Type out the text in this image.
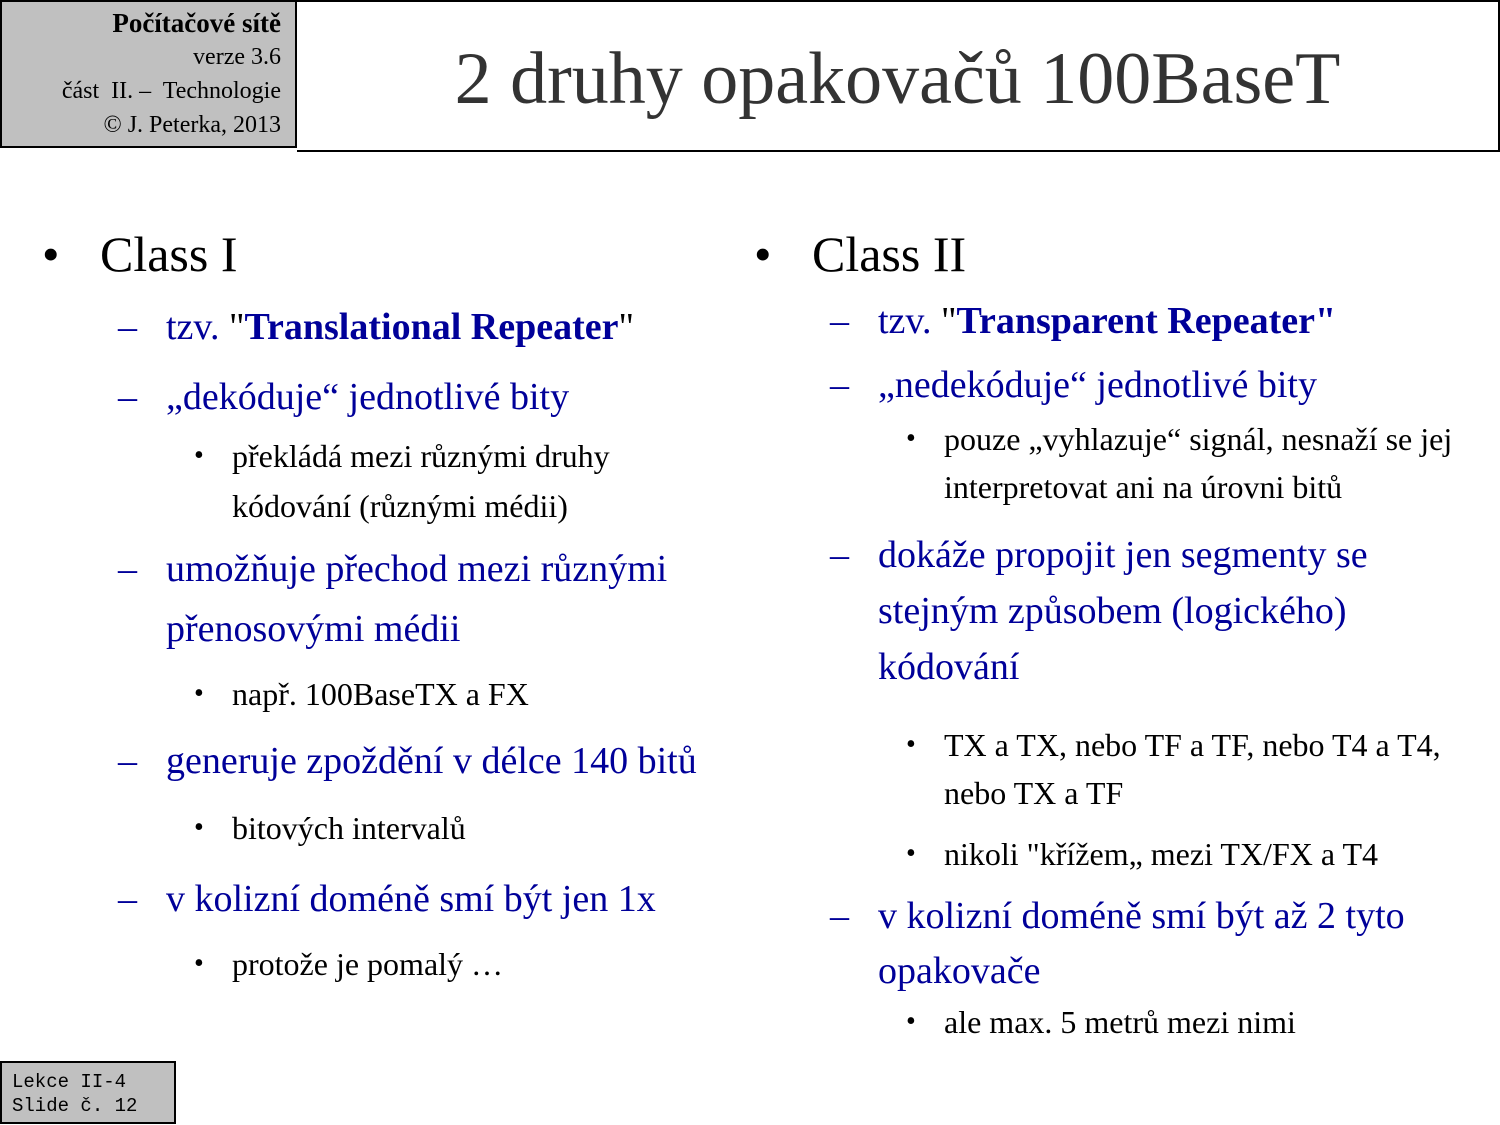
Počítačové sítě
verze 3.6
část  II. –  Technologie
© J. Peterka, 2013
2 druhy opakovačů 100BaseT
• Class I
– tzv. "Translational Repeater"
– „dekóduje“ jednotlivé bity
• překládá mezi různými druhy kódování (různými médii)
– umožňuje přechod mezi různými přenosovými médii
• např. 100BaseTX a FX
– generuje zpoždění v délce 140 bitů
• bitových intervalů
– v kolizní doméně smí být jen 1x
• protože je pomalý …
• Class II
– tzv. "Transparent Repeater"
– „nedekóduje“ jednotlivé bity
• pouze „vyhlazuje“ signál, nesnaží se jej interpretovat ani na úrovni bitů
– dokáže propojit jen segmenty se stejným způsobem (logického) kódování
• TX a TX, nebo TF a TF, nebo T4 a T4, nebo TX a TF
• nikoli "křížem„ mezi TX/FX a T4
– v kolizní doméně smí být až 2 tyto opakovače
• ale max. 5 metrů mezi nimi
Lekce II-4
Slide č. 12
